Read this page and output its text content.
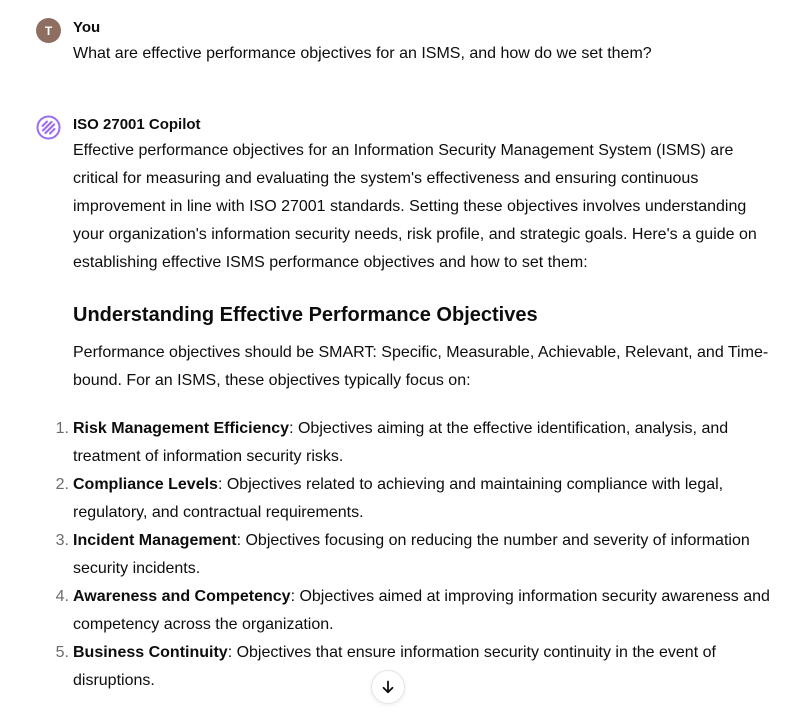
T You

What are effective performance objectives for an ISMS, and how do we set them?

ISO 27001 Copilot

Effective performance objectives for an Information Security Management System (ISMS) are critical for measuring and evaluating the system's effectiveness and ensuring continuous improvement in line with ISO 27001 standards. Setting these objectives involves understanding your organization's information security needs, risk profile, and strategic goals. Here's a guide on establishing effective ISMS performance objectives and how to set them:

Understanding Effective Performance Objectives

Performance objectives should be SMART: Specific, Measurable, Achievable, Relevant, and Time-bound. For an ISMS, these objectives typically focus on:

1. Risk Management Efficiency: Objectives aiming at the effective identification, analysis, and treatment of information security risks.
2. Compliance Levels: Objectives related to achieving and maintaining compliance with legal, regulatory, and contractual requirements.
3. Incident Management: Objectives focusing on reducing the number and severity of information security incidents.
4. Awareness and Competency: Objectives aimed at improving information security awareness and competency across the organization.
5. Business Continuity: Objectives that ensure information security continuity in the event of disruptions.
